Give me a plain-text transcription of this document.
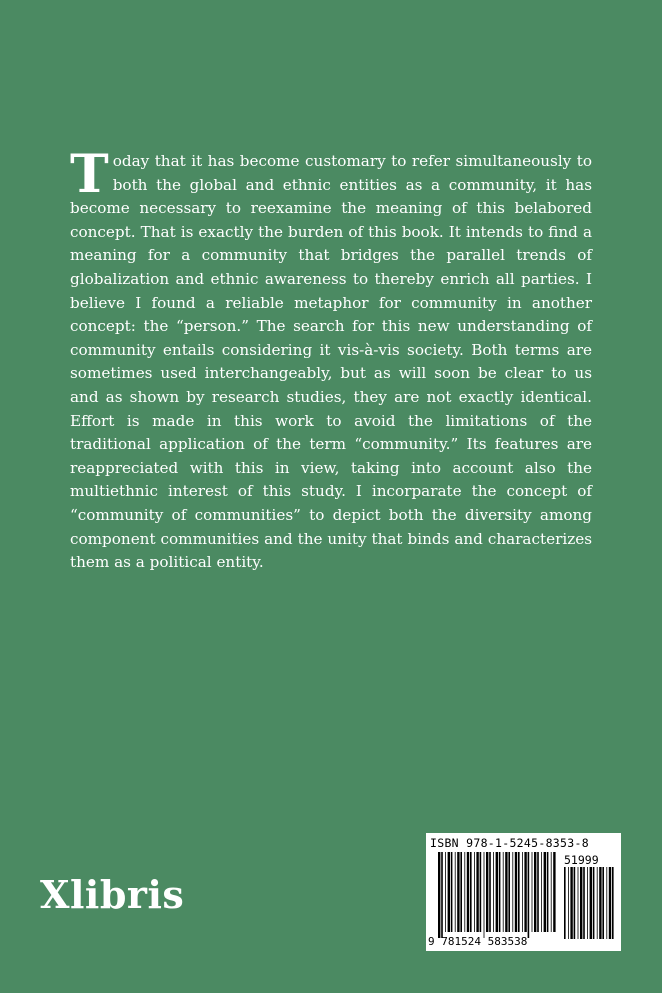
Today that it has become customary to refer simultaneously to both the global and ethnic entities as a community, it has become necessary to reexamine the meaning of this belabored concept. That is exactly the burden of this book. It intends to find a meaning for a community that bridges the parallel trends of globalization and ethnic awareness to thereby enrich all parties. I believe I found a reliable metaphor for community in another concept: the “person.” The search for this new understanding of community entails considering it vis-à-vis society. Both terms are sometimes used interchangeably, but as will soon be clear to us and as shown by research studies, they are not exactly identical. Effort is made in this work to avoid the limitations of the traditional application of the term “community.” Its features are reappreciated with this in view, taking into account also the multiethnic interest of this study. I incorparate the concept of “community of communities” to depict both the diversity among component communities and the unity that binds and characterizes them as a political entity.

Xlibris
ISBN 978-1-5245-8353-8
51999
9 781524 583538
